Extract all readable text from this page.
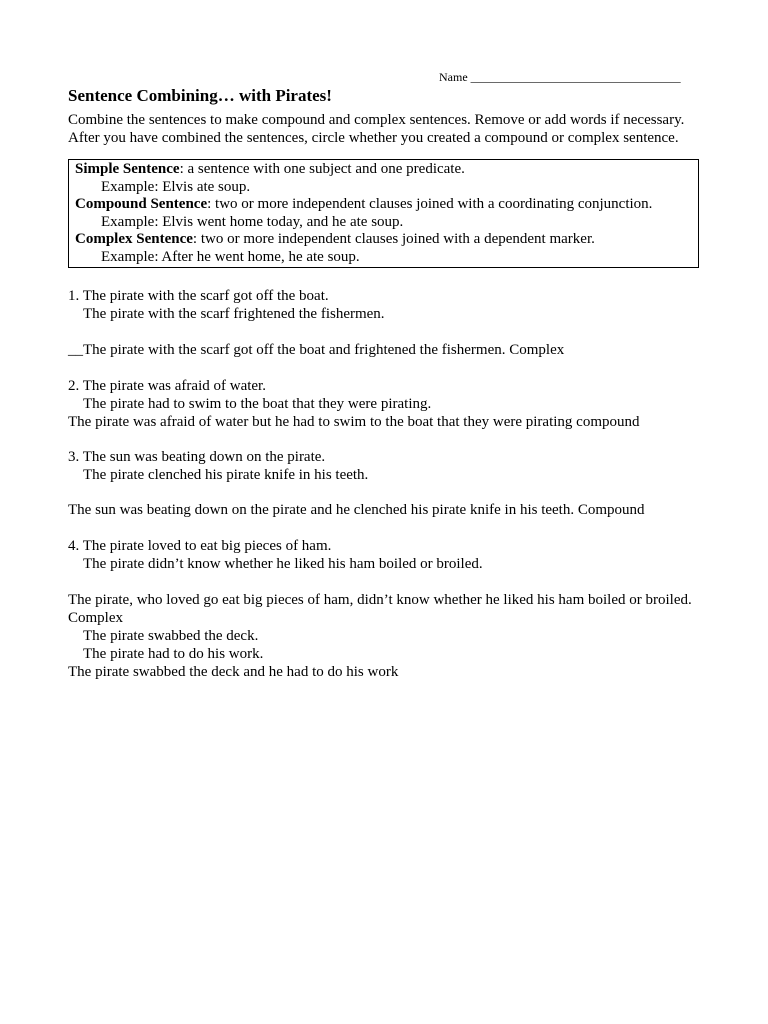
Name ___________________________________
Sentence Combining… with Pirates!
Combine the sentences to make compound and complex sentences. Remove or add words if necessary.
After you have combined the sentences, circle whether you created a compound or complex sentence.
Simple Sentence: a sentence with one subject and one predicate.
Example: Elvis ate soup.
Compound Sentence: two or more independent clauses joined with a coordinating conjunction.
Example: Elvis went home today, and he ate soup.
Complex Sentence: two or more independent clauses joined with a dependent marker.
Example: After he went home, he ate soup.
1. The pirate with the scarf got off the boat.
The pirate with the scarf frightened the fishermen.
__The pirate with the scarf got off the boat and frightened the fishermen. Complex
2. The pirate was afraid of water.
The pirate had to swim to the boat that they were pirating.
The pirate was afraid of water but he had to swim to the boat that they were pirating compound
3. The sun was beating down on the pirate.
The pirate clenched his pirate knife in his teeth.
The sun was beating down on the pirate and he clenched his pirate knife in his teeth. Compound
4. The pirate loved to eat big pieces of ham.
The pirate didn’t know whether he liked his ham boiled or broiled.
The pirate, who loved go eat big pieces of ham, didn’t know whether he liked his ham boiled or broiled.
Complex
The pirate swabbed the deck.
The pirate had to do his work.
The pirate swabbed the deck and he had to do his work
